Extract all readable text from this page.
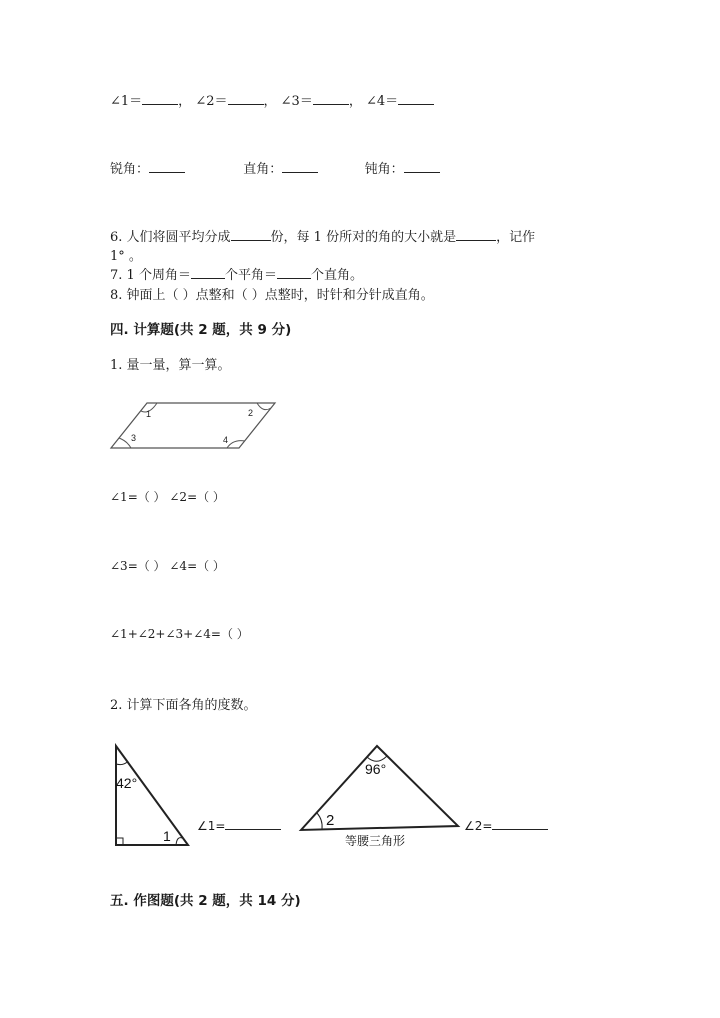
∠1＝	， ∠2＝	， ∠3＝	， ∠4＝
锐角：	直角：	钝角：
6. 人们将圆平均分成	份，每 1 份所对的角的大小就是	，记作
1° 。
7. 1 个周角＝	个平角＝	个直角。
8. 钟面上（ ）点整和（ ）点整时，时针和分针成直角。
四. 计算题(共 2 题，共 9 分)
1. 量一量，算一算。
1	2
3	4
∠1=（ ） ∠2=（ ）
∠3=（ ） ∠4=（ ）
∠1+∠2+∠3+∠4=（ ）
2. 计算下面各角的度数。
42°
1
∠1=
96°
2
等腰三角形
∠2=
五. 作图题(共 2 题，共 14 分)
